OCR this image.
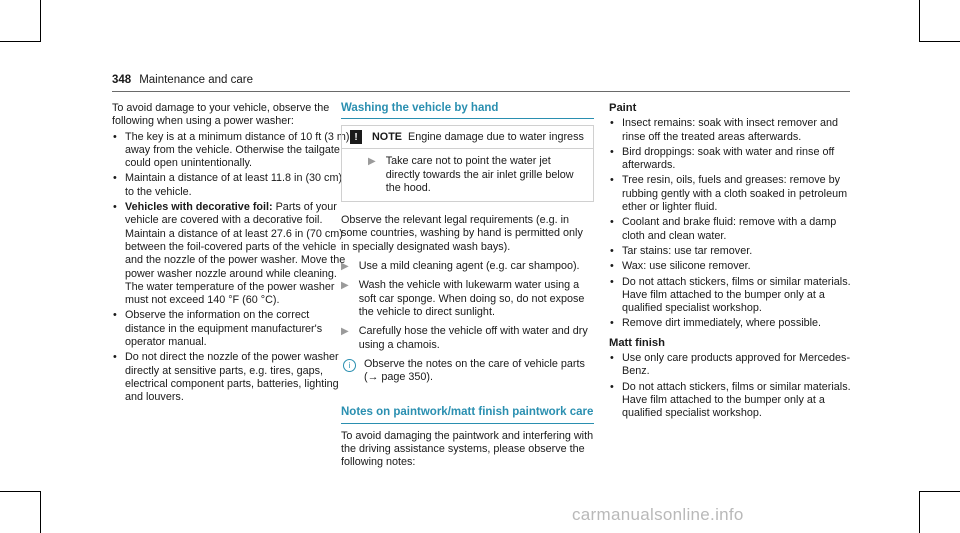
348 Maintenance and care

To avoid damage to your vehicle, observe the following when using a power washer:

• The key is at a minimum distance of 10 ft (3 m) away from the vehicle. Otherwise the tailgate could open unintentionally.
• Maintain a distance of at least 11.8 in (30 cm) to the vehicle.
• Vehicles with decorative foil: Parts of your vehicle are covered with a decorative foil. Maintain a distance of at least 27.6 in (70 cm) between the foil-covered parts of the vehicle and the nozzle of the power washer. Move the power washer nozzle around while cleaning. The water temperature of the power washer must not exceed 140 °F (60 °C).
• Observe the information on the correct distance in the equipment manufacturer's operator manual.
• Do not direct the nozzle of the power washer directly at sensitive parts, e.g. tires, gaps, electrical component parts, batteries, lighting and louvers.
Washing the vehicle by hand
!	NOTE Engine damage due to water ingress
▶ Take care not to point the water jet directly towards the air inlet grille below the hood.

Observe the relevant legal requirements (e.g. in some countries, washing by hand is permitted only in specially designated wash bays).

▶ Use a mild cleaning agent (e.g. car shampoo).
▶ Wash the vehicle with lukewarm water using a soft car sponge. When doing so, do not expose the vehicle to direct sunlight.
▶ Carefully hose the vehicle off with water and dry using a chamois.
i	Observe the notes on the care of vehicle parts (→ page 350).
Notes on paintwork/matt finish paintwork care

To avoid damaging the paintwork and interfering with the driving assistance systems, please observe the following notes:

Paint
• Insect remains: soak with insect remover and rinse off the treated areas afterwards.
• Bird droppings: soak with water and rinse off afterwards.
• Tree resin, oils, fuels and greases: remove by rubbing gently with a cloth soaked in petroleum ether or lighter fluid.
• Coolant and brake fluid: remove with a damp cloth and clean water.
• Tar stains: use tar remover.
• Wax: use silicone remover.
• Do not attach stickers, films or similar materials. Have film attached to the bumper only at a qualified specialist workshop.
• Remove dirt immediately, where possible.
Matt finish
• Use only care products approved for Mercedes-Benz.
• Do not attach stickers, films or similar materials. Have film attached to the bumper only at a qualified specialist workshop.
carmanualsonline.info
